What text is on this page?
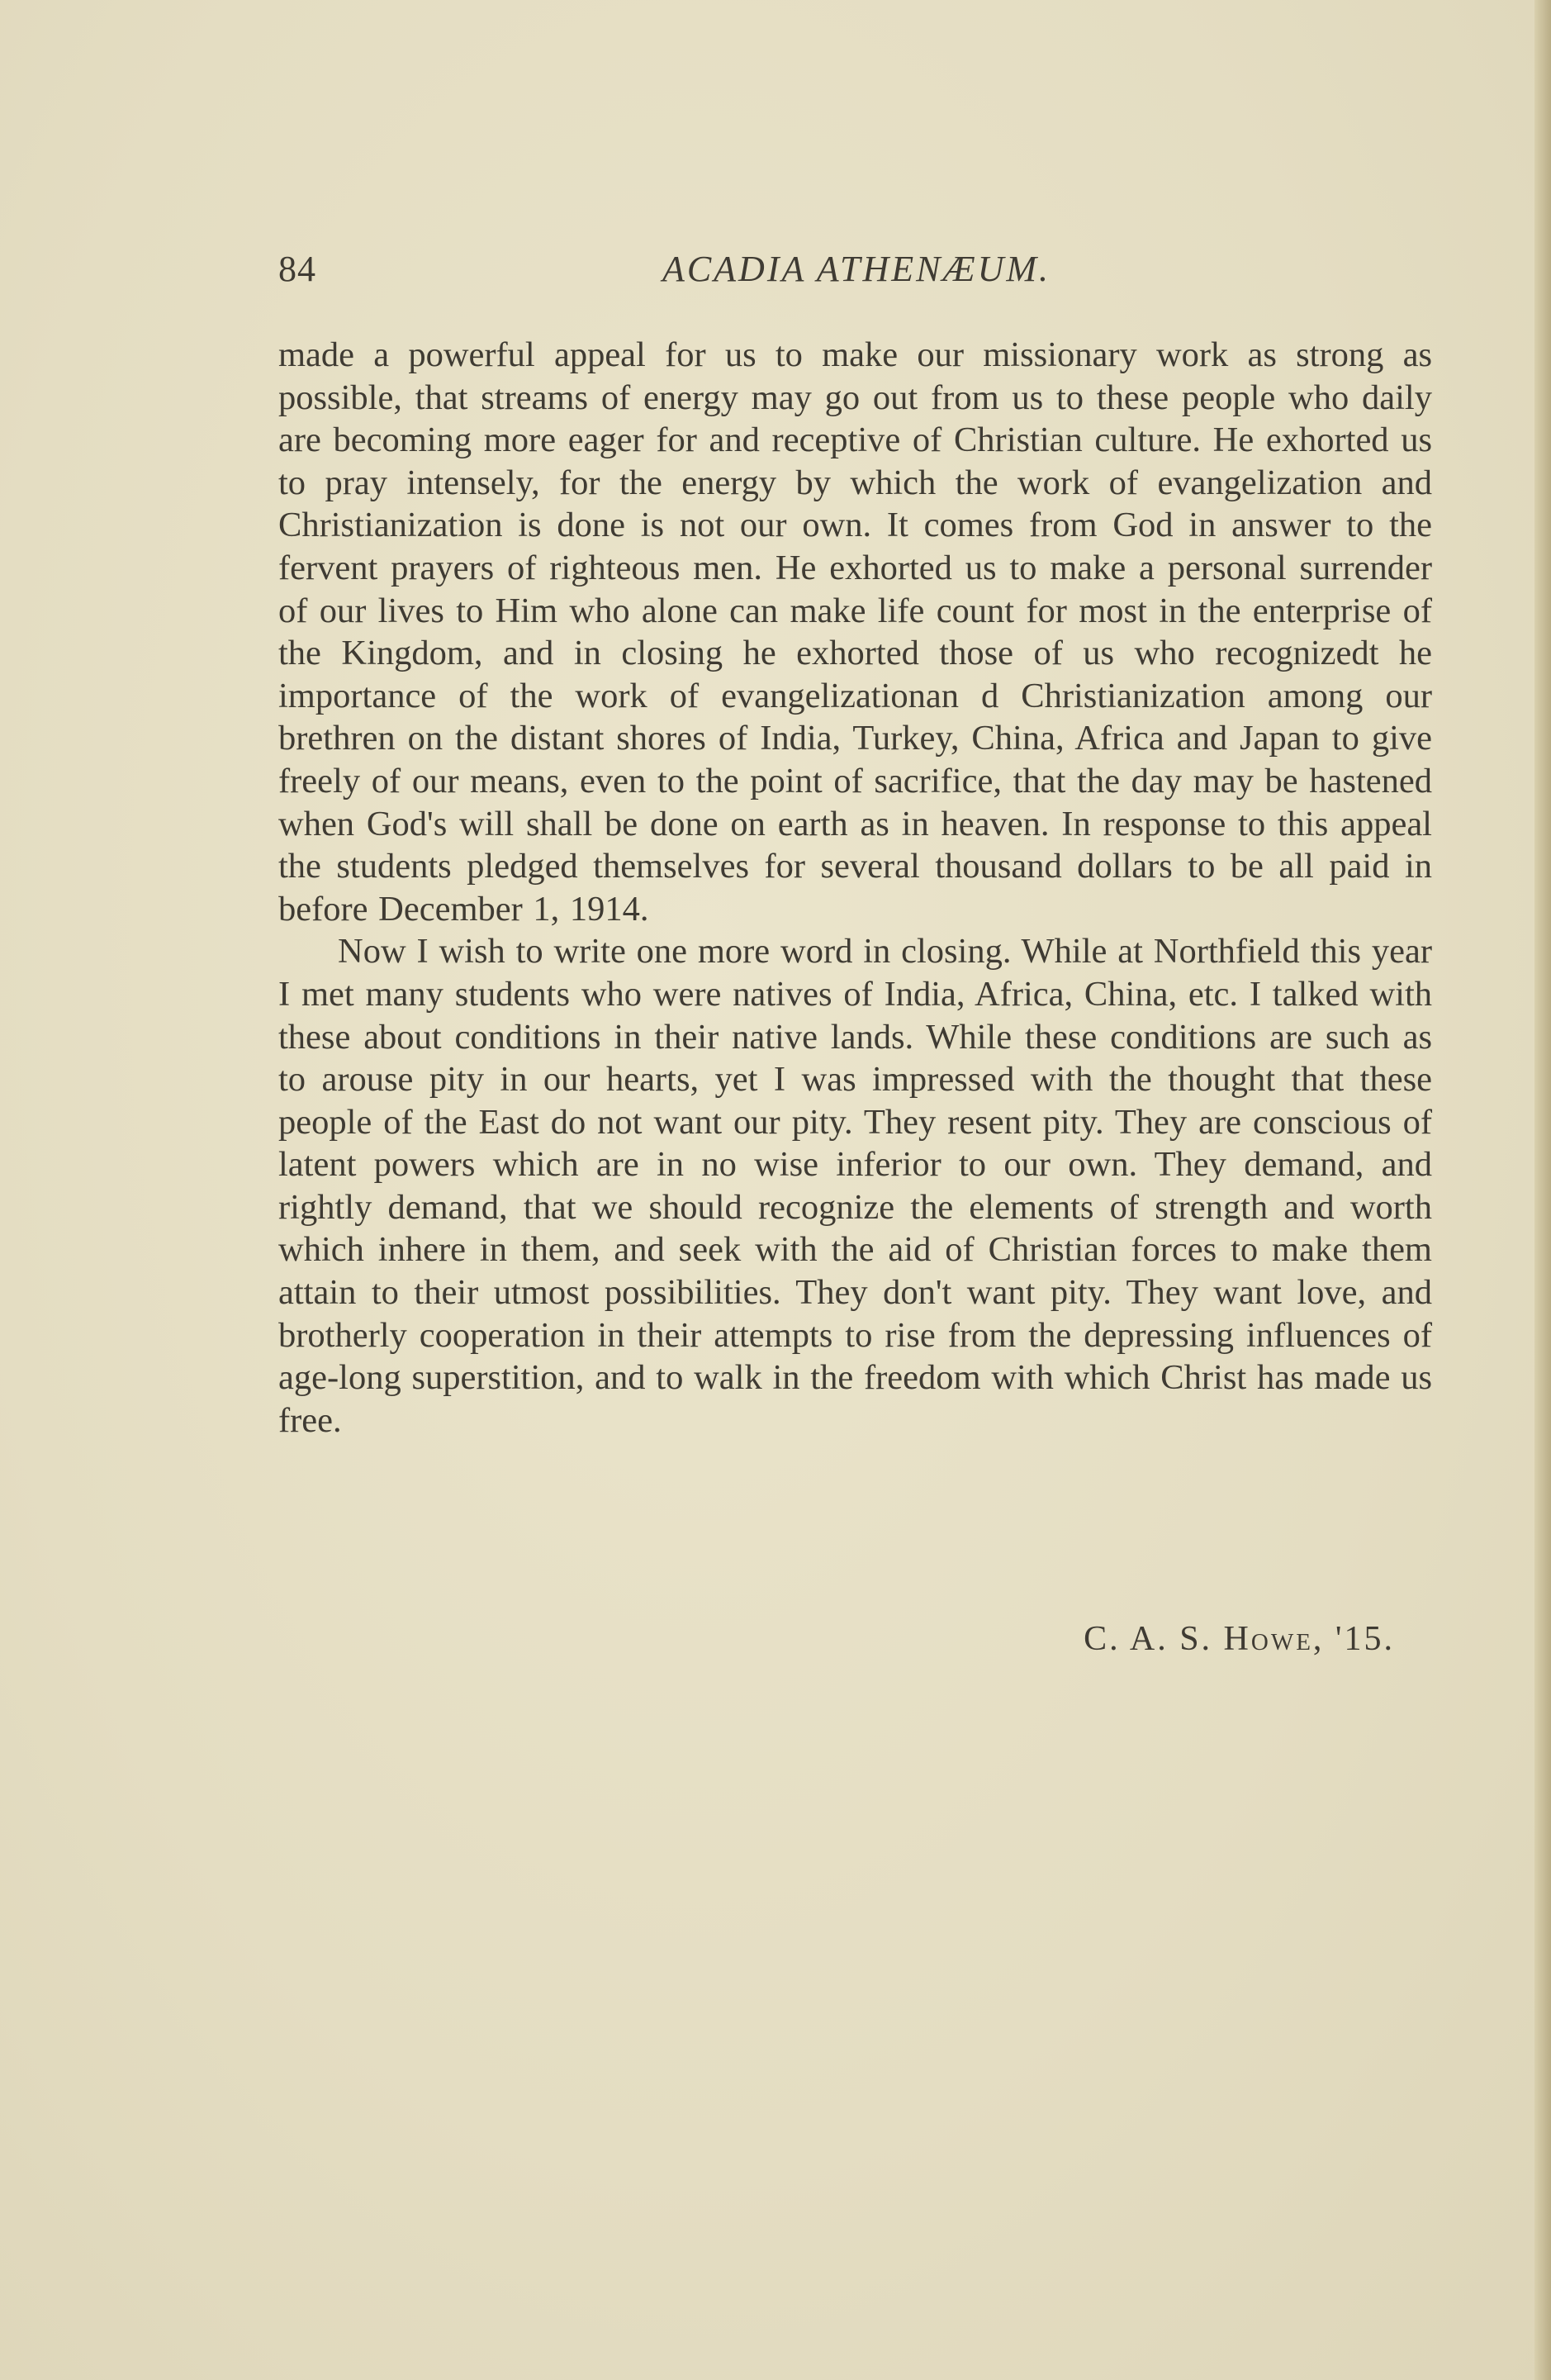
84	ACADIA ATHENÆUM.

made a powerful appeal for us to make our missionary work as strong as possible, that streams of energy may go out from us to these people who daily are becoming more eager for and receptive of Christian culture. He exhorted us to pray intensely, for the energy by which the work of evangelization and Christianization is done is not our own. It comes from God in answer to the fervent prayers of righteous men. He exhorted us to make a personal surrender of our lives to Him who alone can make life count for most in the enterprise of the Kingdom, and in closing he exhorted those of us who recognizedt he importance of the work of evangelizationan d Christianization among our brethren on the distant shores of India, Turkey, China, Africa and Japan to give freely of our means, even to the point of sacrifice, that the day may be hastened when God's will shall be done on earth as in heaven. In response to this appeal the students pledged themselves for several thousand dollars to be all paid in before December 1, 1914.

Now I wish to write one more word in closing. While at Northfield this year I met many students who were natives of India, Africa, China, etc. I talked with these about conditions in their native lands. While these conditions are such as to arouse pity in our hearts, yet I was impressed with the thought that these people of the East do not want our pity. They resent pity. They are conscious of latent powers which are in no wise inferior to our own. They demand, and rightly demand, that we should recognize the elements of strength and worth which inhere in them, and seek with the aid of Christian forces to make them attain to their utmost possibilities. They don't want pity. They want love, and brotherly cooperation in their attempts to rise from the depressing influences of age-long superstition, and to walk in the freedom with which Christ has made us free.

C. A. S. Howe, '15.
